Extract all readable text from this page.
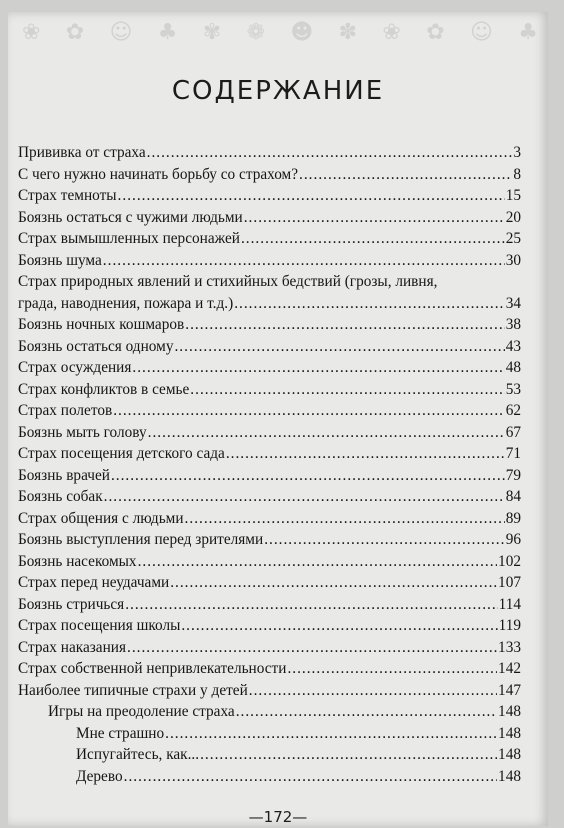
❀ ✿ ☺ ♣ ✾ ❁ ☻ ✽ ❀ ✿ ☺ ♣
СОДЕРЖАНИЕ
Прививка от страха .....	3
С чего нужно начинать борьбу со страхом? .....	8
Страх темноты .....	15
Боязнь остаться с чужими людьми .....	20
Страх вымышленных персонажей .....	25
Боязнь шума .....	30
Страх природных явлений и стихийных бедствий (грозы, ливня,
града, наводнения, пожара и т.д.) .....	34
Боязнь ночных кошмаров .....	38
Боязнь остаться одному .....	43
Страх осуждения .....	48
Страх конфликтов в семье .....	53
Страх полетов .....	62
Боязнь мыть голову .....	67
Страх посещения детского сада .....	71
Боязнь врачей .....	79
Боязнь собак .....	84
Страх общения с людьми .....	89
Боязнь выступления перед зрителями .....	96
Боязнь насекомых .....	102
Страх перед неудачами .....	107
Боязнь стричься .....	114
Страх посещения школы .....	119
Страх наказания .....	133
Страх собственной непривлекательности .....	142
Наиболее типичные страхи у детей .....	147
Игры на преодоление страха .....	148
Мне страшно .....	148
Испугайтесь, как... .....	148
Дерево .....	148
—172—
